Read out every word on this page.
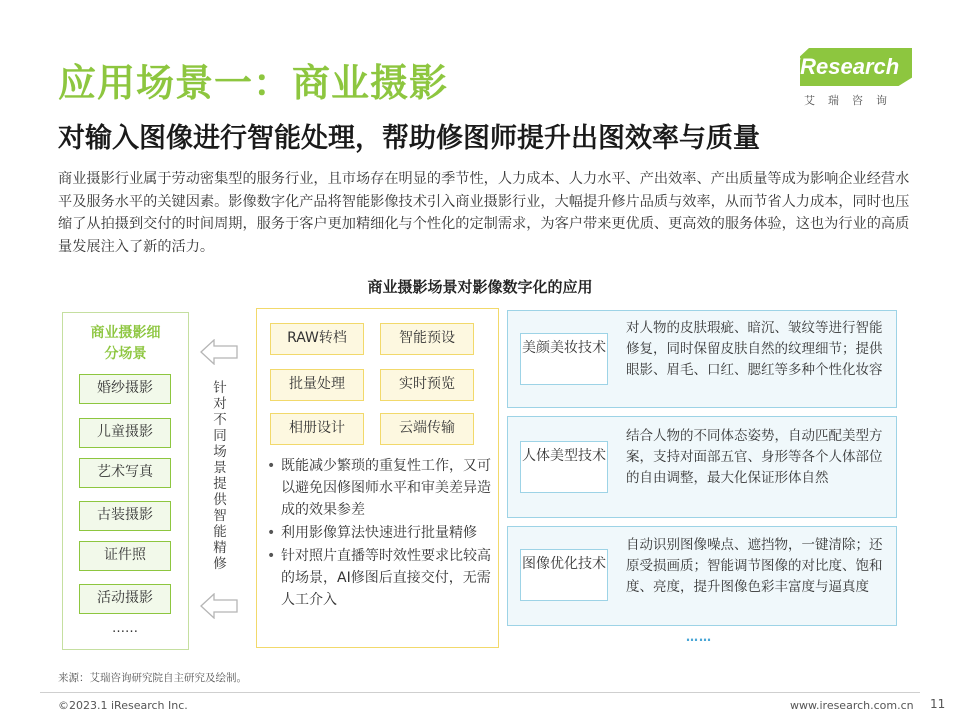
应用场景一：商业摄影
对输入图像进行智能处理，帮助修图师提升出图效率与质量
iResearch
艾瑞咨询
商业摄影行业属于劳动密集型的服务行业，且市场存在明显的季节性，人力成本、人力水平、产出效率、产出质量等成为影响企业经营水平及服务水平的关键因素。影像数字化产品将智能影像技术引入商业摄影行业，大幅提升修片品质与效率，从而节省人力成本，同时也压缩了从拍摄到交付的时间周期，服务于客户更加精细化与个性化的定制需求，为客户带来更优质、更高效的服务体验，这也为行业的高质量发展注入了新的活力。
商业摄影场景对影像数字化的应用
商业摄影细分场景
婚纱摄影
儿童摄影
艺术写真
古装摄影
证件照
活动摄影
……
针对不同场景提供智能精修
RAW转档	智能预设
批量处理	实时预览
相册设计	云端传输
• 既能减少繁琐的重复性工作，又可以避免因修图师水平和审美差异造成的效果参差
• 利用影像算法快速进行批量精修
• 针对照片直播等时效性要求比较高的场景，AI修图后直接交付，无需人工介入
美颜美妆技术
对人物的皮肤瑕疵、暗沉、皱纹等进行智能修复，同时保留皮肤自然的纹理细节；提供眼影、眉毛、口红、腮红等多种个性化妆容
人体美型技术
结合人物的不同体态姿势，自动匹配美型方案，支持对面部五官、身形等各个人体部位的自由调整，最大化保证形体自然
图像优化技术
自动识别图像噪点、遮挡物，一键清除；还原受损画质；智能调节图像的对比度、饱和度、亮度，提升图像色彩丰富度与逼真度
……
来源：艾瑞咨询研究院自主研究及绘制。
©2023.1 iResearch Inc.	www.iresearch.com.cn 11
